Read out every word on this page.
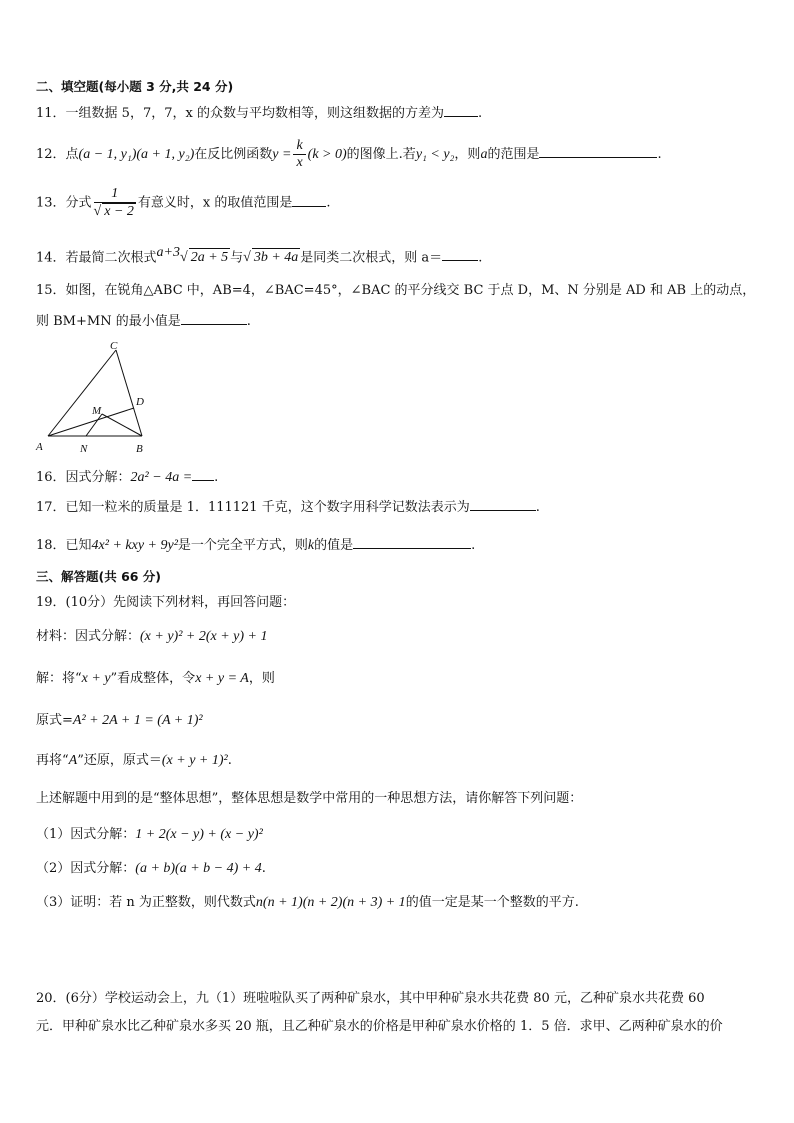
二、填空题(每小题 3 分,共 24 分)
11．一组数据 5，7，7，x 的众数与平均数相等，则这组数据的方差为	.
12．点(a − 1, y₁)(a + 1, y₂)在反比例函数$y = \frac{k}{x} (k > 0)$的图像上.若y₁ < y₂，则a的范围是	.
13．分式 $\frac{1}{√ x - 2}$ 有意义时，x 的取值范围是	.
14．若最简二次根式$^{a+3}$√ 2a + 5 与√ 3b + 4a 是同类二次根式，则 a＝	.
15．如图，在锐角△ABC 中，AB=4，∠BAC=45°，∠BAC 的平分线交 BC 于点 D，M、N 分别是 AD 和 AB 上的动点，
则 BM+MN 的最小值是	.
C
D
M
A	N	B
16．因式分解：2a² − 4a = .
17．已知一粒米的质量是 1．111121 千克，这个数字用科学记数法表示为	.
18．已知4x² + kxy + 9y²是一个完全平方式，则k的值是	.
三、解答题(共 66 分)
19．(10分）先阅读下列材料，再回答问题：
材料：因式分解：(x + y)² + 2(x + y) + 1
解：将“x + y”看成整体，令x + y = A，则
原式=A² + 2A + 1 = (A + 1)²
再将“A”还原，原式＝(x + y + 1)².
上述解题中用到的是“整体思想”，整体思想是数学中常用的一种思想方法，请你解答下列问题：
（1）因式分解：1 + 2(x − y) + (x − y)²
（2）因式分解：(a + b)(a + b − 4) + 4.
（3）证明：若 n 为正整数，则代数式n(n + 1)(n + 2)(n + 3) + 1的值一定是某一个整数的平方.
20．(6分）学校运动会上，九（1）班啦啦队买了两种矿泉水，其中甲种矿泉水共花费 80 元，乙种矿泉水共花费 60
元．甲种矿泉水比乙种矿泉水多买 20 瓶，且乙种矿泉水的价格是甲种矿泉水价格的 1．5 倍．求甲、乙两种矿泉水的价
